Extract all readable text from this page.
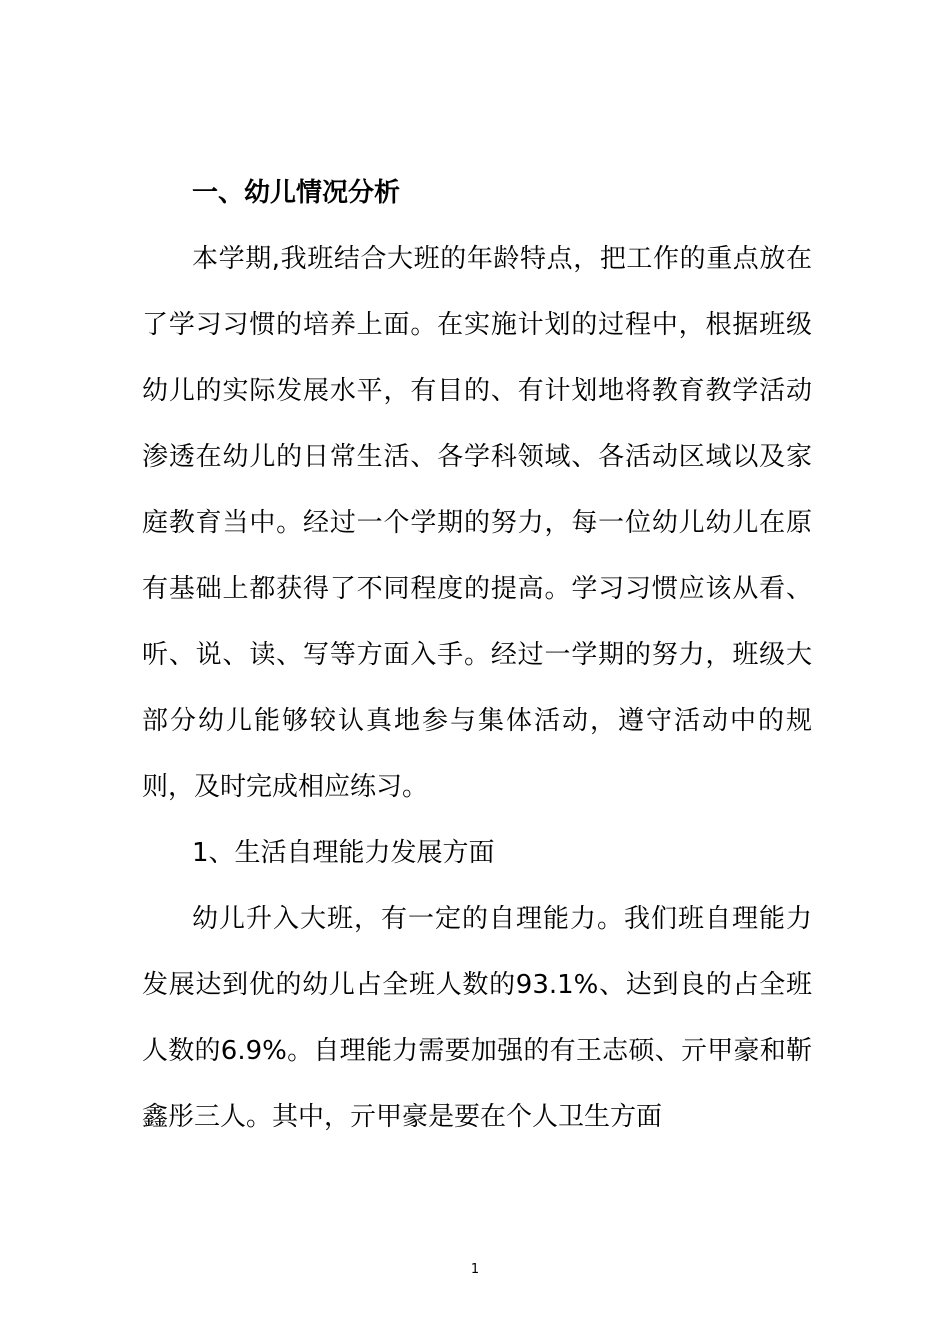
一、幼儿情况分析

本学期,我班结合大班的年龄特点，把工作的重点放在了学习习惯的培养上面。在实施计划的过程中，根据班级幼儿的实际发展水平，有目的、有计划地将教育教学活动渗透在幼儿的日常生活、各学科领域、各活动区域以及家庭教育当中。经过一个学期的努力，每一位幼儿幼儿在原有基础上都获得了不同程度的提高。学习习惯应该从看、听、说、读、写等方面入手。经过一学期的努力，班级大部分幼儿能够较认真地参与集体活动，遵守活动中的规则，及时完成相应练习。

1、生活自理能力发展方面

幼儿升入大班，有一定的自理能力。我们班自理能力发展达到优的幼儿占全班人数的93.1%、达到良的占全班人数的6.9%。自理能力需要加强的有王志硕、亓甲豪和靳鑫彤三人。其中，亓甲豪是要在个人卫生方面

1
